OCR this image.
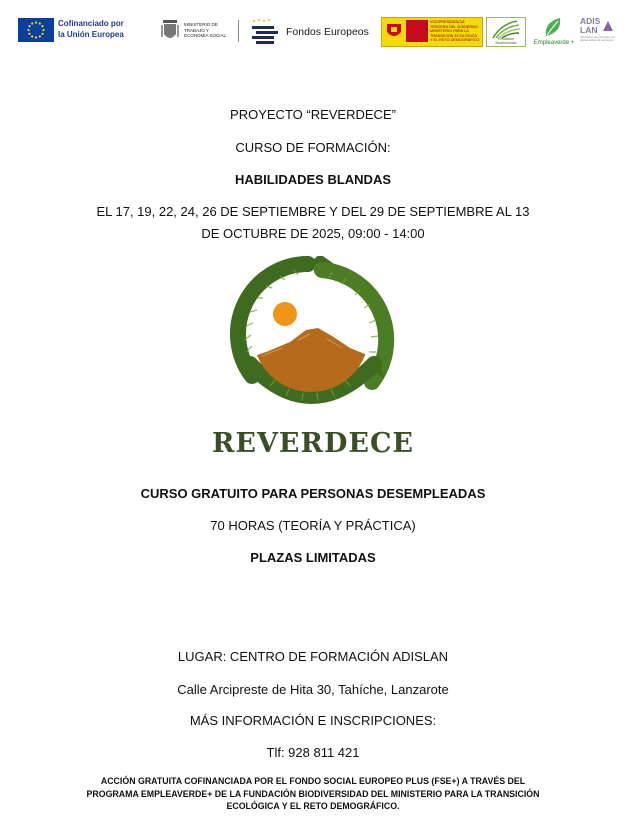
Cofinanciado por
la Unión Europea
MINISTERIO DE TRABAJO Y ECONOMÍA SOCIAL	Fondos Europeos
VICEPRESIDENCIA TERCERA DEL GOBIERNO MINISTERIO PARA LA TRANSICIÓN ECOLÓGICA Y EL RETO DEMOGRÁFICO	Fundación Biodiversidad	Empleaverde +
ADIS
LAN
Asociación de personas con discapacidad de Lanzarote
PROYECTO “REVERDECE”
CURSO DE FORMACIÓN:
HABILIDADES BLANDAS
EL 17, 19, 22, 24, 26 DE SEPTIEMBRE Y DEL 29 DE SEPTIEMBRE AL 13
DE OCTUBRE DE 2025, 09:00 - 14:00
REVERDECE
CURSO GRATUITO PARA PERSONAS DESEMPLEADAS
70 HORAS (TEORÍA Y PRÁCTICA)
PLAZAS LIMITADAS
LUGAR: CENTRO DE FORMACIÓN ADISLAN
Calle Arcipreste de Hita 30, Tahíche, Lanzarote
MÁS INFORMACIÓN E INSCRIPCIONES:
Tlf: 928 811 421
ACCIÓN GRATUITA COFINANCIADA POR EL FONDO SOCIAL EUROPEO PLUS (FSE+) A TRAVÉS DEL
PROGRAMA EMPLEAVERDE+ DE LA FUNDACIÓN BIODIVERSIDAD DEL MINISTERIO PARA LA TRANSICIÓN
ECOLÓGICA Y EL RETO DEMOGRÁFICO.
